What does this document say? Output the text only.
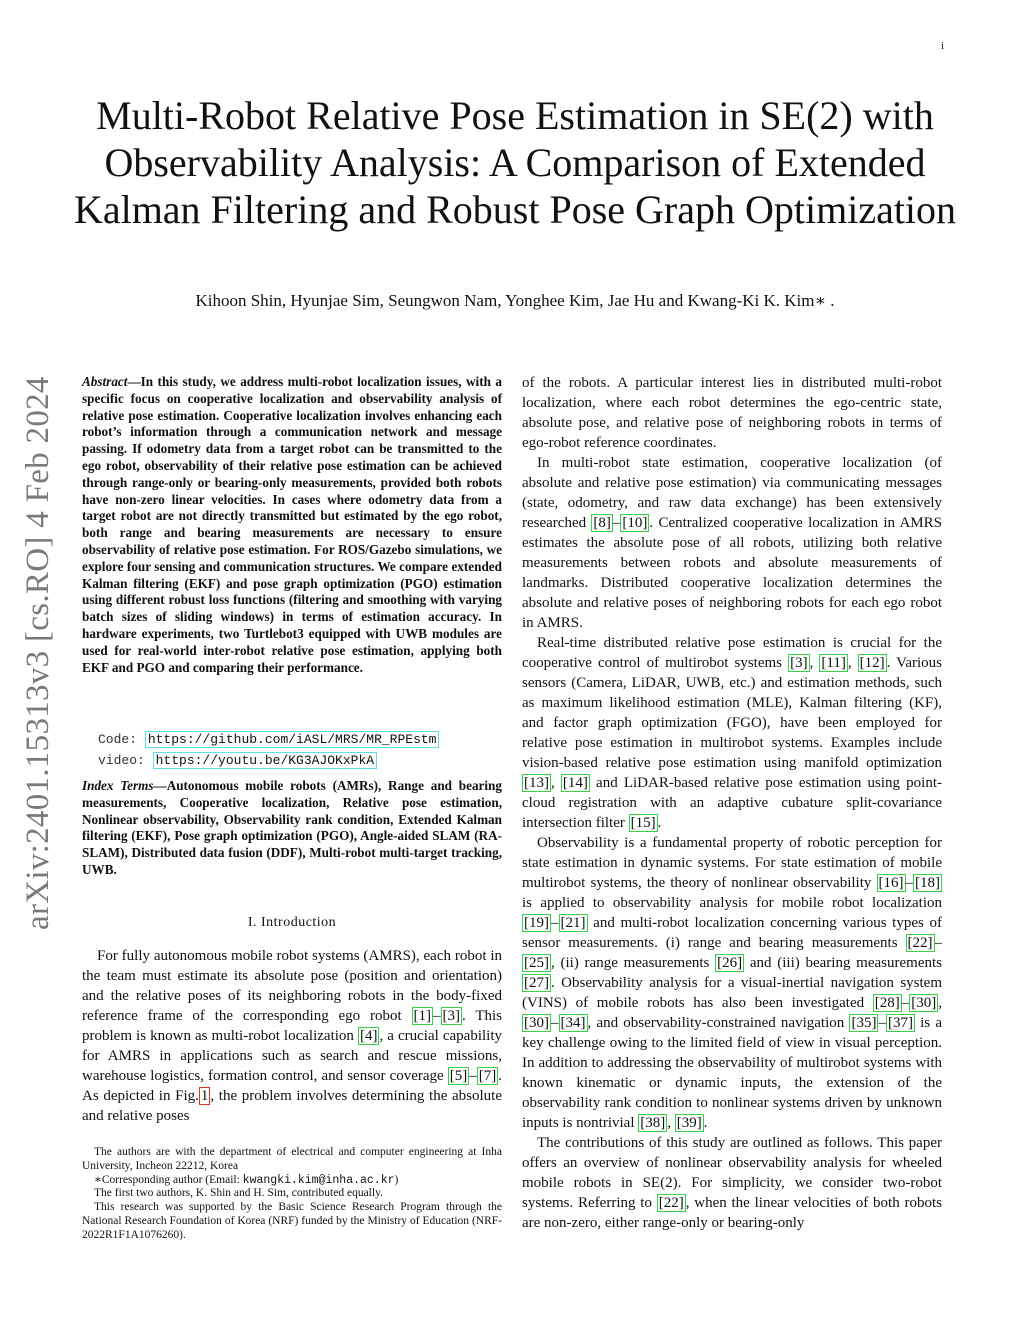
i
arXiv:2401.15313v3 [cs.RO] 4 Feb 2024
Multi-Robot Relative Pose Estimation in SE(2) with Observability Analysis: A Comparison of Extended Kalman Filtering and Robust Pose Graph Optimization
Kihoon Shin, Hyunjae Sim, Seungwon Nam, Yonghee Kim, Jae Hu and Kwang-Ki K. Kim∗ .

Abstract—In this study, we address multi-robot localization issues, with a specific focus on cooperative localization and observability analysis of relative pose estimation. Cooperative localization involves enhancing each robot’s information through a communication network and message passing. If odometry data from a target robot can be transmitted to the ego robot, observability of their relative pose estimation can be achieved through range-only or bearing-only measurements, provided both robots have non-zero linear velocities. In cases where odometry data from a target robot are not directly transmitted but estimated by the ego robot, both range and bearing measurements are necessary to ensure observability of relative pose estimation. For ROS/Gazebo simulations, we explore four sensing and communication structures. We compare extended Kalman filtering (EKF) and pose graph optimization (PGO) estimation using different robust loss functions (filtering and smoothing with varying batch sizes of sliding windows) in terms of estimation accuracy. In hardware experiments, two Turtlebot3 equipped with UWB modules are used for real-world inter-robot relative pose estimation, applying both EKF and PGO and comparing their performance.

Code: https://github.com/iASL/MRS/MR_RPEstm
video: https://youtu.be/KG3AJOKxPkA

Index Terms—Autonomous mobile robots (AMRs), Range and bearing measurements, Cooperative localization, Relative pose estimation, Nonlinear observability, Observability rank condition, Extended Kalman filtering (EKF), Pose graph optimization (PGO), Angle-aided SLAM (RA-SLAM), Distributed data fusion (DDF), Multi-robot multi-target tracking, UWB.

I. Introduction

For fully autonomous mobile robot systems (AMRS), each robot in the team must estimate its absolute pose (position and orientation) and the relative poses of its neighboring robots in the body-fixed reference frame of the corresponding ego robot [1] – [3] . This problem is known as multi-robot localization [4] , a crucial capability for AMRS in applications such as search and rescue missions, warehouse logistics, formation control, and sensor coverage [5] – [7] . As depicted in Fig. 1 , the problem involves determining the absolute and relative poses

The authors are with the department of electrical and computer engineering at Inha University, Incheon 22212, Korea

∗Corresponding author (Email: kwangki.kim@inha.ac.kr)

The first two authors, K. Shin and H. Sim, contributed equally.

This research was supported by the Basic Science Research Program through the National Research Foundation of Korea (NRF) funded by the Ministry of Education (NRF-2022R1F1A1076260).

of the robots. A particular interest lies in distributed multi-robot localization, where each robot determines the ego-centric state, absolute pose, and relative pose of neighboring robots in terms of ego-robot reference coordinates.

In multi-robot state estimation, cooperative localization (of absolute and relative pose estimation) via communicating messages (state, odometry, and raw data exchange) has been extensively researched [8] – [10] . Centralized cooperative localization in AMRS estimates the absolute pose of all robots, utilizing both relative measurements between robots and absolute measurements of landmarks. Distributed cooperative localization determines the absolute and relative poses of neighboring robots for each ego robot in AMRS.

Real-time distributed relative pose estimation is crucial for the cooperative control of multirobot systems [3] , [11] , [12] . Various sensors (Camera, LiDAR, UWB, etc.) and estimation methods, such as maximum likelihood estimation (MLE), Kalman filtering (KF), and factor graph optimization (FGO), have been employed for relative pose estimation in multirobot systems. Examples include vision-based relative pose estimation using manifold optimization [13] , [14] and LiDAR-based relative pose estimation using point-cloud registration with an adaptive cubature split-covariance intersection filter [15] .

Observability is a fundamental property of robotic perception for state estimation in dynamic systems. For state estimation of mobile multirobot systems, the theory of nonlinear observability [16] – [18] is applied to observability analysis for mobile robot localization [19] – [21] and multi-robot localization concerning various types of sensor measurements. (i) range and bearing measurements [22] –[25] , (ii) range measurements [26] and (iii) bearing measurements [27] . Observability analysis for a visual-inertial navigation system (VINS) of mobile robots has also been investigated [28] – [30] , [30] – [34] , and observability-constrained navigation [35] – [37] is a key challenge owing to the limited field of view in visual perception. In addition to addressing the observability of multirobot systems with known kinematic or dynamic inputs, the extension of the observability rank condition to nonlinear systems driven by unknown inputs is nontrivial [38] , [39] .

The contributions of this study are outlined as follows. This paper offers an overview of nonlinear observability analysis for wheeled mobile robots in SE(2). For simplicity, we consider two-robot systems. Referring to [22] , when the linear velocities of both robots are non-zero, either range-only or bearing-only
